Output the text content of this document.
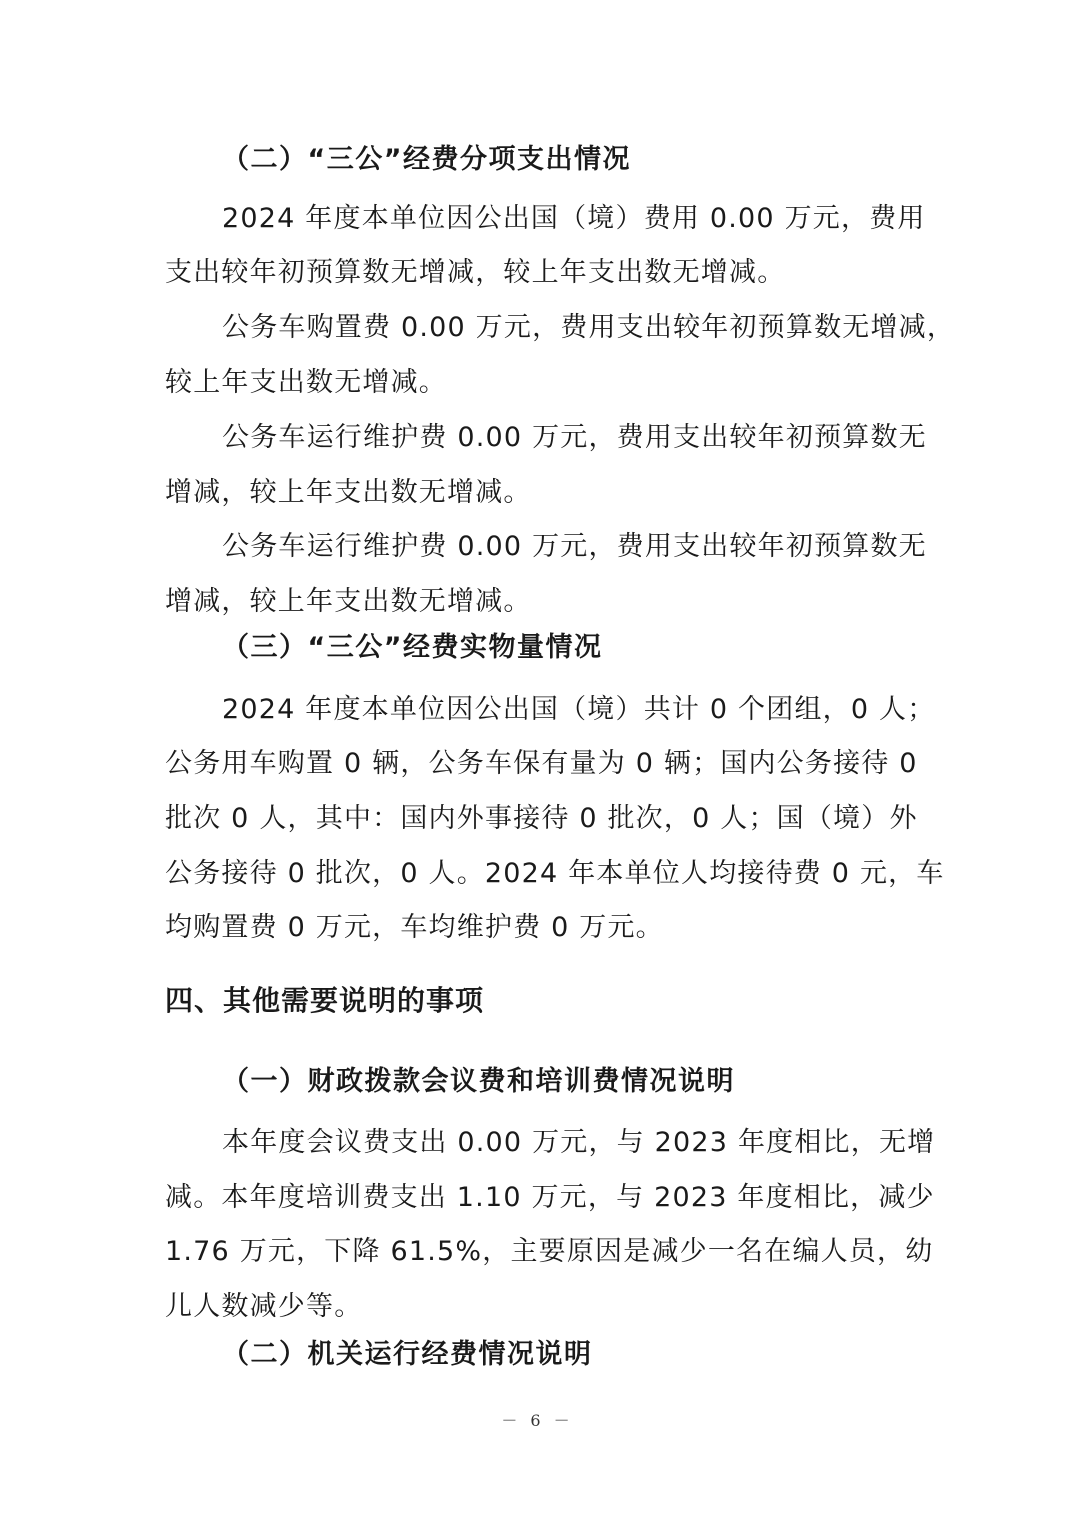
（二）“三公”经费分项支出情况
2024 年度本单位因公出国（境）费用 0.00 万元，费用
支出较年初预算数无增减，较上年支出数无增减。
公务车购置费 0.00 万元，费用支出较年初预算数无增减，
较上年支出数无增减。
公务车运行维护费 0.00 万元，费用支出较年初预算数无
增减，较上年支出数无增减。
公务车运行维护费 0.00 万元，费用支出较年初预算数无
增减，较上年支出数无增减。
（三）“三公”经费实物量情况
2024 年度本单位因公出国（境）共计 0 个团组，0 人；
公务用车购置 0 辆，公务车保有量为 0 辆；国内公务接待 0
批次 0 人，其中：国内外事接待 0 批次，0 人；国（境）外
公务接待 0 批次，0 人。2024 年本单位人均接待费 0 元，车
均购置费 0 万元，车均维护费 0 万元。
四、其他需要说明的事项
（一）财政拨款会议费和培训费情况说明
本年度会议费支出 0.00 万元，与 2023 年度相比，无增
减。本年度培训费支出 1.10 万元，与 2023 年度相比，减少
1.76 万元，下降 61.5%，主要原因是减少一名在编人员，幼
儿人数减少等。
（二）机关运行经费情况说明
－ 6 －
